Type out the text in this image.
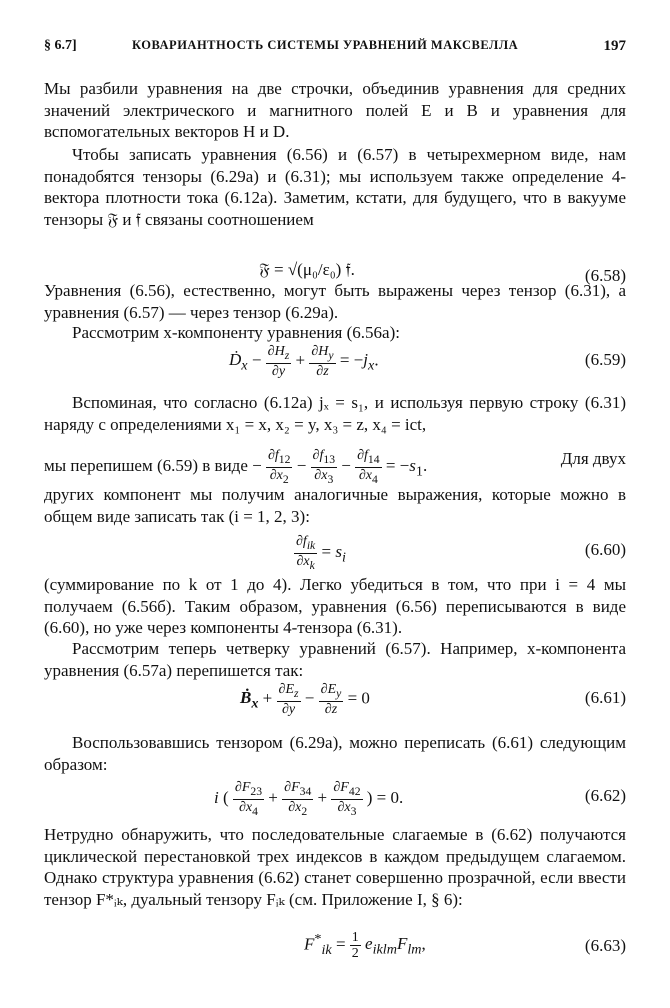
§ 6.7]	КОВАРИАНТНОСТЬ СИСТЕМЫ УРАВНЕНИЙ МАКСВЕЛЛА	197
Мы разбили уравнения на две строчки, объединив уравнения для средних значений электрического и магнитного полей E и B и уравнения для вспомогательных векторов H и D.
Чтобы записать уравнения (6.56) и (6.57) в четырехмерном виде, нам понадобятся тензоры (6.29а) и (6.31); мы используем также определение 4-вектора плотности тока (6.12а). Заметим, кстати, для будущего, что в вакууме тензоры 𝔉 и 𝔣 связаны соотношением
𝔉 = √(μ₀/ε₀) 𝔣.	(6.58)
Уравнения (6.56), естественно, могут быть выражены через тензор (6.31), а уравнения (6.57) — через тензор (6.29а).
Рассмотрим x-компоненту уравнения (6.56а):
Ḋ$_x$ − $\frac{\partial H_z}{\partial y} + \frac{\partial H_y}{\partial z} = -j_x$.	(6.59)
Вспоминая, что согласно (6.12а) jₓ = s₁, и используя первую строку (6.31) наряду с определениями x₁ = x, x₂ = y, x₃ = z, x₄ = ict,
мы перепишем (6.59) в виде − $\frac{\partial f_{12}}{\partial x_2} - \frac{\partial f_{13}}{\partial x_3} - \frac{\partial f_{14}}{\partial x_4} = -s_1$.	Для двух
других компонент мы получим аналогичные выражения, которые можно в общем виде записать так (i = 1, 2, 3):
$\frac{\partial f_{ik}}{\partial x_k} = s_i$	(6.60)
(суммирование по k от 1 до 4). Легко убедиться в том, что при i = 4 мы получаем (6.56б). Таким образом, уравнения (6.56) переписываются в виде (6.60), но уже через компоненты 4-тензора (6.31).
Рассмотрим теперь четверку уравнений (6.57). Например, x-компонента уравнения (6.57а) перепишется так:
Ḃ$_x$ + $\frac{\partial E_z}{\partial y} - \frac{\partial E_y}{\partial z} = 0$	(6.61)
Воспользовавшись тензором (6.29а), можно переписать (6.61) следующим образом:
i ( $\frac{\partial F_{23}}{\partial x_4} + \frac{\partial F_{34}}{\partial x_2} + \frac{\partial F_{42}}{\partial x_3}$ ) = 0.	(6.62)
Нетрудно обнаружить, что последовательные слагаемые в (6.62) получаются циклической перестановкой трех индексов в каждом предыдущем слагаемом. Однако структура уравнения (6.62) станет совершенно прозрачной, если ввести тензор F*ᵢₖ, дуальный тензору Fᵢₖ (см. Приложение I, § 6):
$F^*_{ik} = \frac{1}{2} e_{iklm}F_{lm}$,	(6.63)
